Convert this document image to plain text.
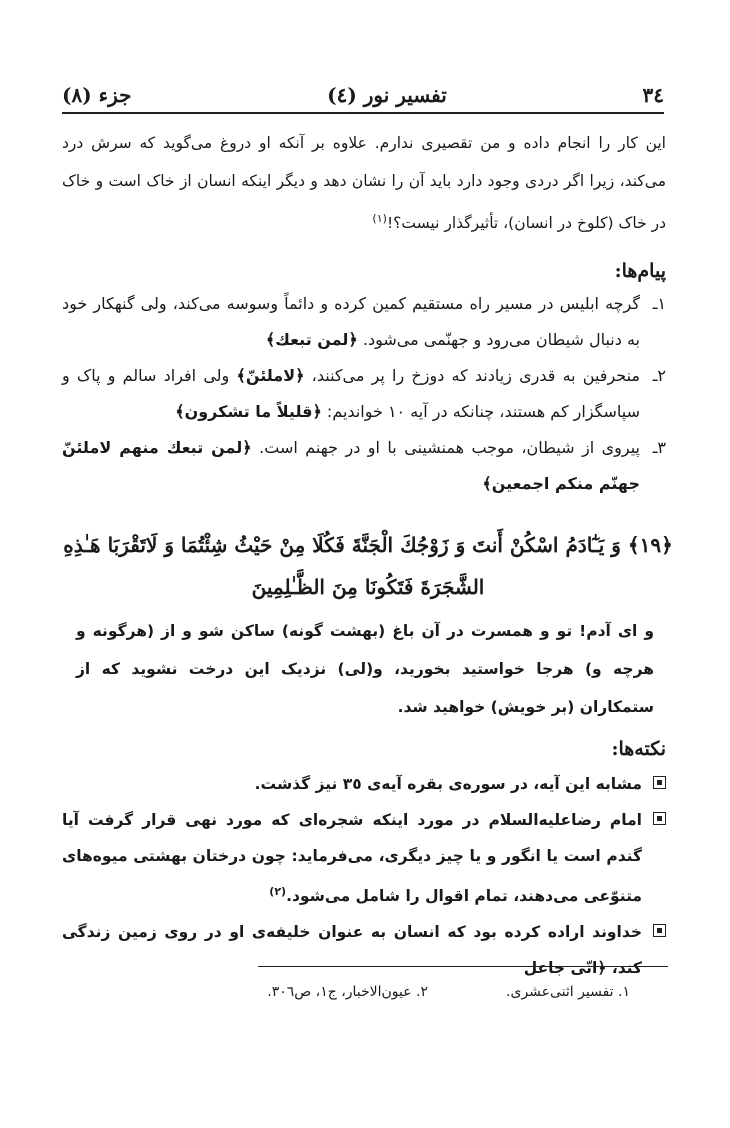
٣٤
تفسیر نور (٤)
جزء (٨)
این کار را انجام داده و من تقصیری ندارم. علاوه بر آنکه او دروغ می‌گوید که سرش درد می‌کند، زیرا اگر دردی وجود دارد باید آن را نشان دهد و دیگر اینکه انسان از خاک است و خاک در خاک (کلوخ در انسان)، تأثیرگذار نیست؟!$^{(١)}$
پیام‌ها:
١ـ
گرچه ابلیس در مسیر راه مستقیم کمین کرده و دائماً وسوسه می‌کند، ولی گنهکار خود به دنبال شیطان می‌رود و جهنّمی می‌شود. ﴿لمن تبعك﴾
٢ـ
منحرفین به قدری زیادند که دوزخ را پر می‌کنند، ﴿لاملئنّ﴾ ولی افراد سالم و پاک و سپاسگزار کم هستند، چنانکه در آیه ١٠ خواندیم: ﴿قلیلاً ما تشکرون﴾
٣ـ
پیروی از شیطان، موجب همنشینی با او در جهنم است. ﴿لمن تبعك منهم لاملئنّ جهنّم منکم اجمعین﴾
﴿١٩﴾ وَ يَـٰٓادَمُ اسْكُنْ أَنتَ وَ زَوْجُكَ الْجَنَّةَ فَكُلَا مِنْ حَيْثُ شِئْتُمَا وَ لَاتَقْرَبَا هَـٰذِهِ الشَّجَرَةَ فَتَكُونَا مِنَ الظَّـٰلِمِينَ
و ای آدم! تو و همسرت در آن باغ (بهشت گونه) ساکن شو و از (هرگونه و هرچه و) هرجا خواستید بخورید، و(لی) نزدیک این درخت نشوید که از ستمکاران (بر خویش) خواهید شد.
نکته‌ها:
مشابه این آیه، در سوره‌ی بقره آیه‌ی ٣٥ نیز گذشت.
امام رضاعليه‌السلام در مورد اینکه شجره‌ای که مورد نهی قرار گرفت آیا گندم است یا انگور و یا چیز دیگری، می‌فرماید: چون درختان بهشتی میوه‌های متنوّعی می‌دهند، تمام اقوال را شامل می‌شود.$^{(٢)}$
خداوند اراده کرده بود که انسان به عنوان خلیفه‌ی او در روی زمین زندگی کند، ﴿انّی جاعل
١. تفسیر اثنی‌عشری.
٢. عیون‌الاخبار، ج١، ص٣٠٦.
